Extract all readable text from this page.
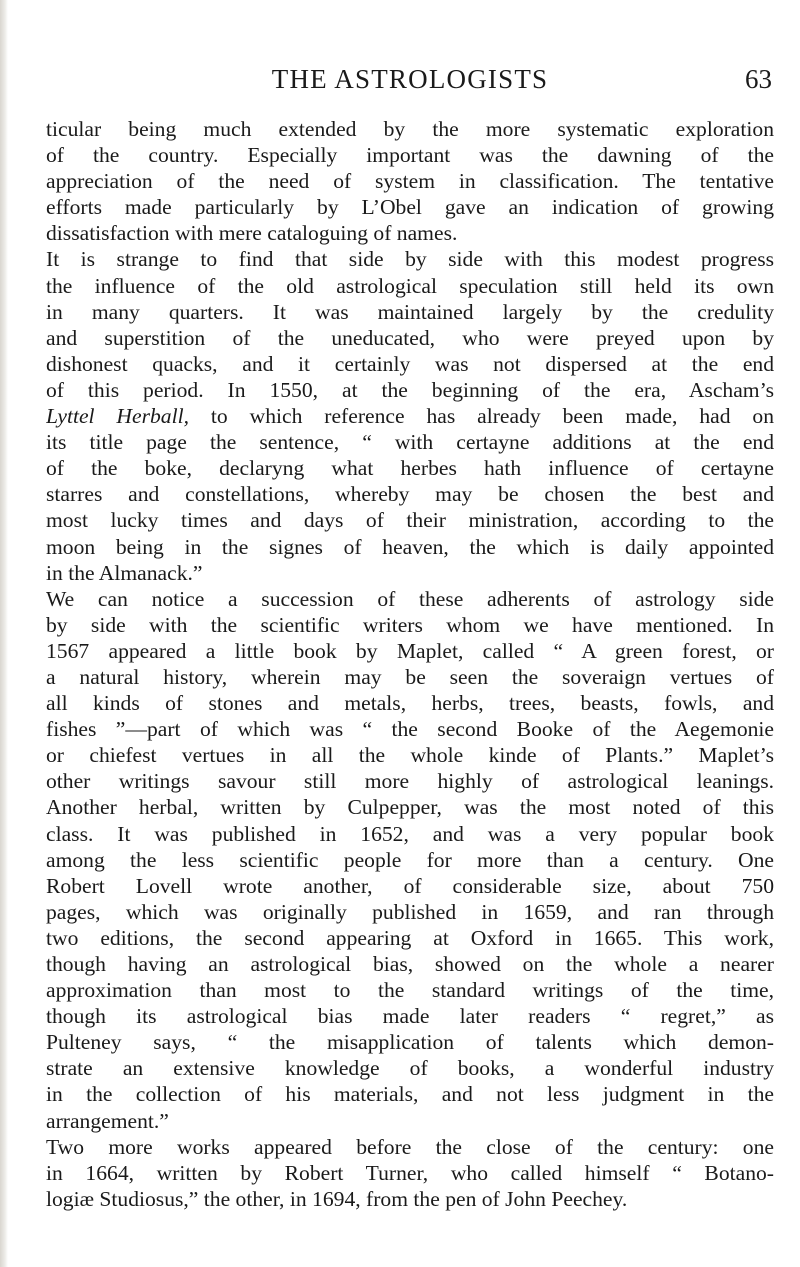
THE ASTROLOGISTS	63
ticular being much extended by the more systematic exploration
of the country. Especially important was the dawning of the
appreciation of the need of system in classification. The tentative
efforts made particularly by L’Obel gave an indication of growing
dissatisfaction with mere cataloguing of names.
It is strange to find that side by side with this modest progress
the influence of the old astrological speculation still held its own
in many quarters. It was maintained largely by the credulity
and superstition of the uneducated, who were preyed upon by
dishonest quacks, and it certainly was not dispersed at the end
of this period. In 1550, at the beginning of the era, Ascham’s
Lyttel Herball, to which reference has already been made, had on
its title page the sentence, “ with certayne additions at the end
of the boke, declaryng what herbes hath influence of certayne
starres and constellations, whereby may be chosen the best and
most lucky times and days of their ministration, according to the
moon being in the signes of heaven, the which is daily appointed
in the Almanack.”
We can notice a succession of these adherents of astrology side
by side with the scientific writers whom we have mentioned. In
1567 appeared a little book by Maplet, called “ A green forest, or
a natural history, wherein may be seen the soveraign vertues of
all kinds of stones and metals, herbs, trees, beasts, fowls, and
fishes ”—part of which was “ the second Booke of the Aegemonie
or chiefest vertues in all the whole kinde of Plants.” Maplet’s
other writings savour still more highly of astrological leanings.
Another herbal, written by Culpepper, was the most noted of this
class. It was published in 1652, and was a very popular book
among the less scientific people for more than a century. One
Robert Lovell wrote another, of considerable size, about 750
pages, which was originally published in 1659, and ran through
two editions, the second appearing at Oxford in 1665. This work,
though having an astrological bias, showed on the whole a nearer
approximation than most to the standard writings of the time,
though its astrological bias made later readers “ regret,” as
Pulteney says, “ the misapplication of talents which demon-
strate an extensive knowledge of books, a wonderful industry
in the collection of his materials, and not less judgment in the
arrangement.”
Two more works appeared before the close of the century: one
in 1664, written by Robert Turner, who called himself “ Botano-
logiæ Studiosus,” the other, in 1694, from the pen of John Peechey.
